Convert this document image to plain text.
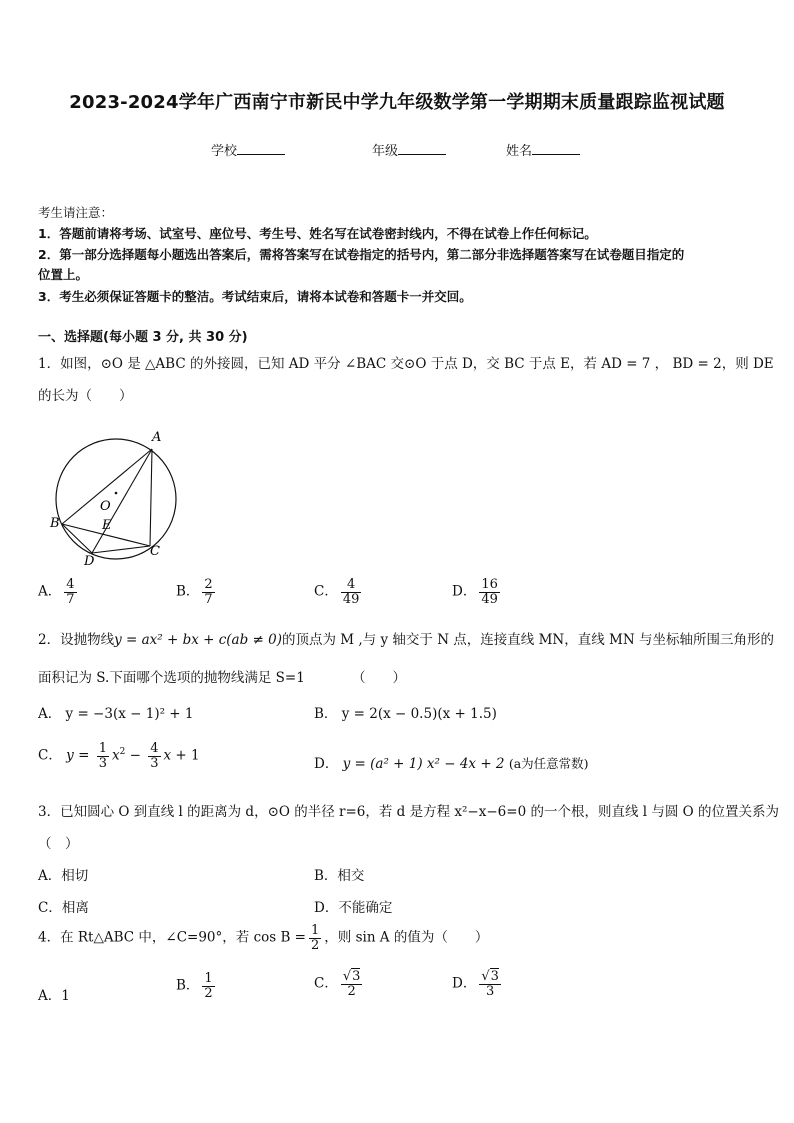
2023-2024学年广西南宁市新民中学九年级数学第一学期期末质量跟踪监视试题
学校	年级	姓名
考生请注意：
1．答题前请将考场、试室号、座位号、考生号、姓名写在试卷密封线内，不得在试卷上作任何标记。
2．第一部分选择题每小题选出答案后，需将答案写在试卷指定的括号内，第二部分非选择题答案写在试卷题目指定的
位置上。
3．考生必须保证答题卡的整洁。考试结束后，请将本试卷和答题卡一并交回。
一、选择题(每小题 3 分, 共 30 分)
1．如图，⊙O 是 △ABC 的外接圆，已知 AD 平分 ∠BAC 交⊙O 于点 D，交 BC 于点 E，若 AD = 7 ， BD = 2，则 DE
的长为（　　）
A
B
C
D
E
O
A． $\frac{4}{7}$	B． $\frac{2}{7}$	C． $\frac{4}{49}$	D． $\frac{16}{49}$
2．设抛物线y = ax² + bx + c(ab ≠ 0)的顶点为 M ,与 y 轴交于 N 点，连接直线 MN，直线 MN 与坐标轴所围三角形的
面积记为 S.下面哪个选项的抛物线满足 S=1　　　　（　　）
A． y = −3(x − 1)² + 1	B． y = 2(x − 0.5)(x + 1.5)
C． $y = \frac{1}{3} x^2 - \frac{4}{3}$ x + 1
D． y = (a² + 1) x² − 4x + 2 (a为任意常数)
3．已知圆心 O 到直线 l 的距离为 d，⊙O 的半径 r=6，若 d 是方程 x²−x−6=0 的一个根，则直线 l 与圆 O 的位置关系为
（　）
A．相切	B．相交
C．相离	D．不能确定
4．在 Rt△ABC 中，∠C=90°，若 $\cos B = \frac{1}{2}$ ，则 sin A 的值为（　　）
A．1
B． $\frac{1}{2}$	C． $\frac{√3}{2}$	D． $\frac{√3}{3}$
